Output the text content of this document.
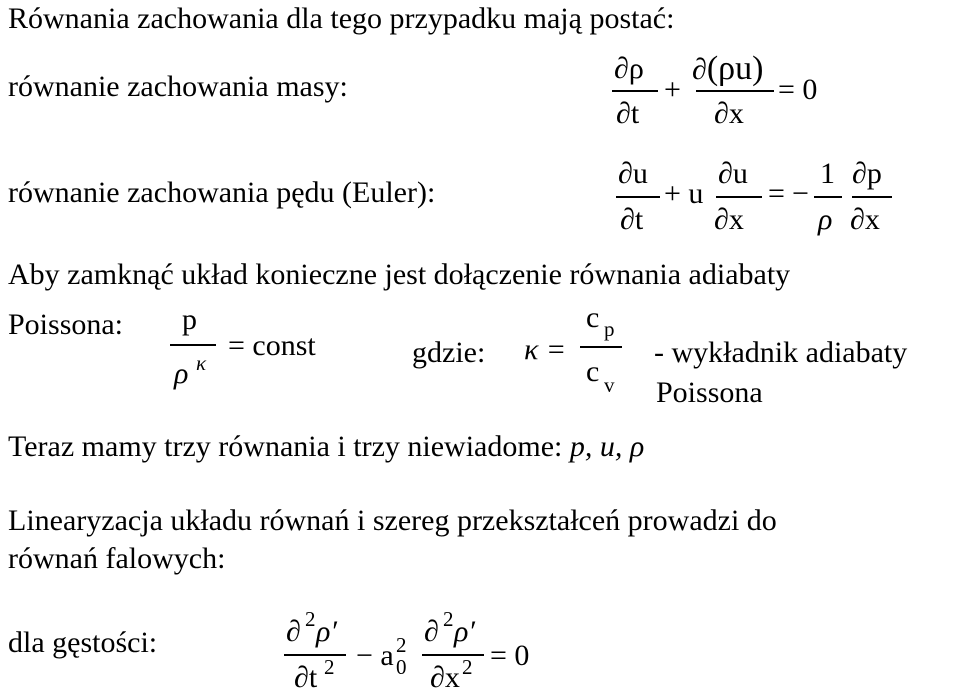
Równania zachowania dla tego przypadku mają postać:
równanie zachowania masy:
∂ρ
∂t
+
∂(ρu)
∂x
= 0
równanie zachowania pędu (Euler):
∂u
∂t
+ u
∂u
∂x
= −
1
ρ
∂p
∂x
Aby zamknąć układ konieczne jest dołączenie równania adiabaty
Poissona: p
ρ κ
= const	gdzie: κ =
c p
c v
- wykładnik adiabaty
Poissona
Teraz mamy trzy równania i trzy niewiadome: p, u, ρ
Linearyzacja układu równań i szereg przekształceń prowadzi do
równań falowych:
dla gęstości:	∂ 2 ρ′
∂t 2 − a 0
2 ∂ 2 ρ′
∂x 2 = 0
